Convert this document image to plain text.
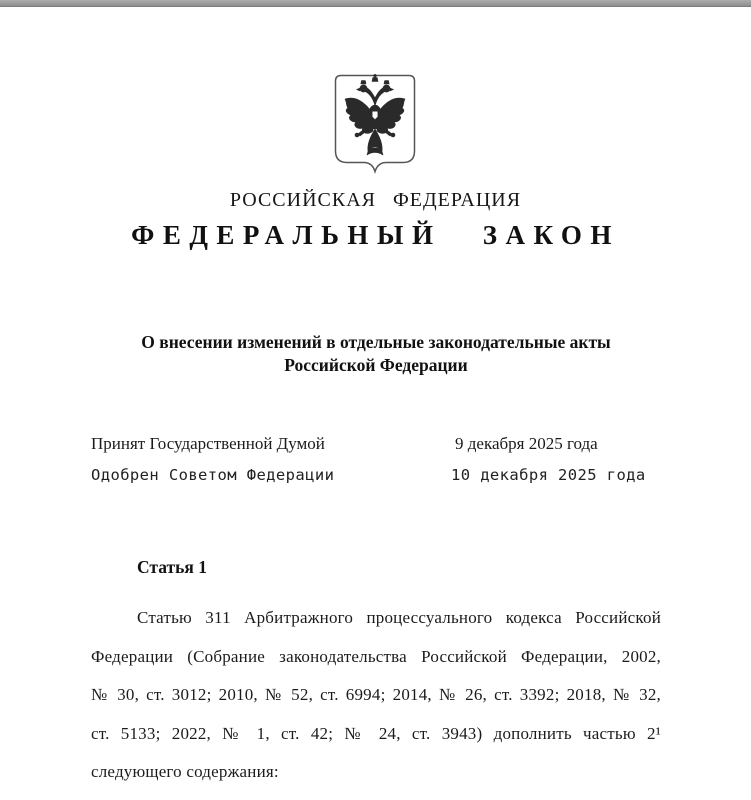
РОССИЙСКАЯ ФЕДЕРАЦИЯ
ФЕДЕРАЛЬНЫЙ ЗАКОН
О внесении изменений в отдельные законодательные акты
Российской Федерации
Принят Государственной Думой	9 декабря 2025 года
Одобрен Советом Федерации	10 декабря 2025 года
Статья 1
Статью 311 Арбитражного процессуального кодекса Российской
Федерации (Собрание законодательства Российской Федерации, 2002,
№ 30, ст. 3012; 2010, № 52, ст. 6994; 2014, № 26, ст. 3392; 2018, № 32,
ст. 5133; 2022, № 1, ст. 42; № 24, ст. 3943) дополнить частью 2¹
следующего содержания:
